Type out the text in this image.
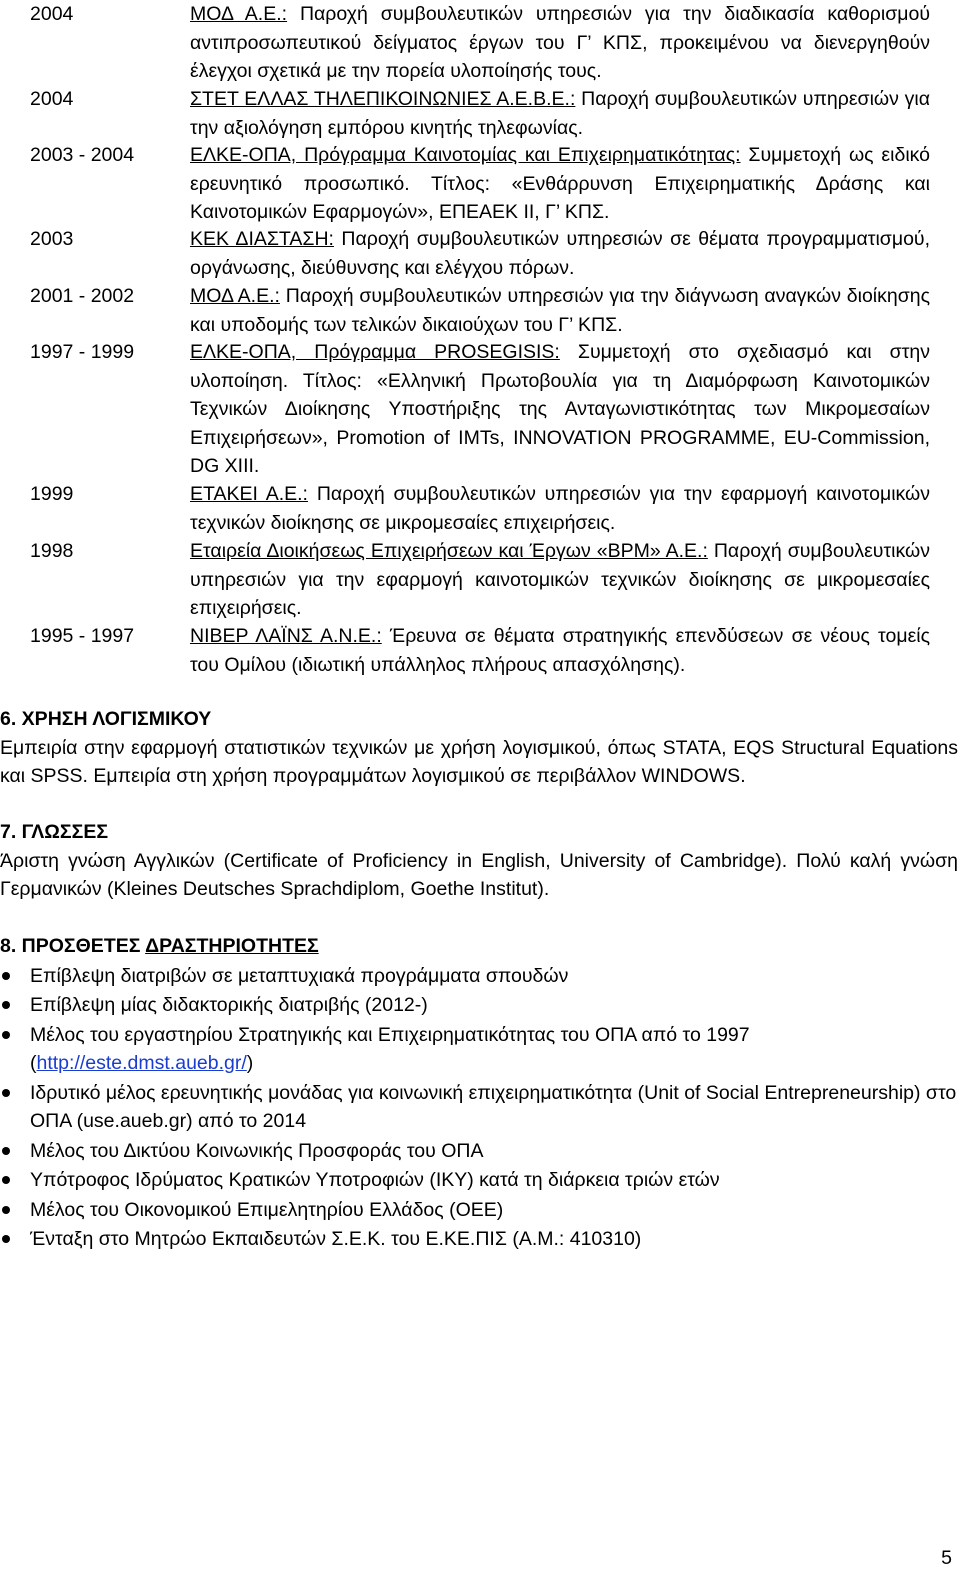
2004	ΜΟΔ Α.Ε.: Παροχή συμβουλευτικών υπηρεσιών για την διαδικασία καθορισμού αντιπροσωπευτικού δείγματος έργων του Γ’ ΚΠΣ, προκειμένου να διενεργηθούν έλεγχοι σχετικά με την πορεία υλοποίησής τους.
2004	ΣΤΕΤ ΕΛΛΑΣ ΤΗΛΕΠΙΚΟΙΝΩΝΙΕΣ Α.Ε.Β.Ε.: Παροχή συμβουλευτικών υπηρεσιών για την αξιολόγηση εμπόρου κινητής τηλεφωνίας.
2003 - 2004	ΕΛΚΕ-ΟΠΑ, Πρόγραμμα Καινοτομίας και Επιχειρηματικότητας: Συμμετοχή ως ειδικό ερευνητικό προσωπικό. Τίτλος: «Ενθάρρυνση Επιχειρηματικής Δράσης και Καινοτομικών Εφαρμογών», ΕΠΕΑΕΚ ΙΙ, Γ’ ΚΠΣ.
2003	ΚΕΚ ΔΙΑΣΤΑΣΗ: Παροχή συμβουλευτικών υπηρεσιών σε θέματα προγραμματισμού, οργάνωσης, διεύθυνσης και ελέγχου πόρων.
2001 - 2002	ΜΟΔ Α.Ε.: Παροχή συμβουλευτικών υπηρεσιών για την διάγνωση αναγκών διοίκησης και υποδομής των τελικών δικαιούχων του Γ’ ΚΠΣ.
1997 - 1999	ΕΛΚΕ-ΟΠΑ, Πρόγραμμα PROSEGISIS: Συμμετοχή στο σχεδιασμό και στην υλοποίηση. Τίτλος: «Ελληνική Πρωτοβουλία για τη Διαμόρφωση Καινοτομικών Τεχνικών Διοίκησης Υποστήριξης της Ανταγωνιστικότητας των Μικρομεσαίων Επιχειρήσεων», Promotion of IMTs, INNOVATION PROGRAMME, EU-Commission, DG XIII.
1999	ΕΤΑΚΕΙ Α.Ε.: Παροχή συμβουλευτικών υπηρεσιών για την εφαρμογή καινοτομικών τεχνικών διοίκησης σε μικρομεσαίες επιχειρήσεις.
1998	Εταιρεία Διοικήσεως Επιχειρήσεων και Έργων «ΒΡΜ» Α.Ε.: Παροχή συμβουλευτικών υπηρεσιών για την εφαρμογή καινοτομικών τεχνικών διοίκησης σε μικρομεσαίες επιχειρήσεις.
1995 - 1997	ΝΙΒΕΡ ΛΑΪΝΣ Α.Ν.Ε.: Έρευνα σε θέματα στρατηγικής επενδύσεων σε νέους τομείς του Ομίλου (ιδιωτική υπάλληλος πλήρους απασχόλησης).

6. ΧΡΗΣΗ ΛΟΓΙΣΜΙΚΟΥ

Εμπειρία στην εφαρμογή στατιστικών τεχνικών με χρήση λογισμικού, όπως STATA, EQS Structural Equations και SPSS. Εμπειρία στη χρήση προγραμμάτων λογισμικού σε περιβάλλον WINDOWS.

7. ΓΛΩΣΣΕΣ

Άριστη γνώση Αγγλικών (Certificate of Proficiency in English, University of Cambridge). Πολύ καλή γνώση Γερμανικών (Kleines Deutsches Sprachdiplom, Goethe Institut).

8. ΠΡΟΣΘΕΤΕΣ ΔΡΑΣΤΗΡΙΟΤΗΤΕΣ

Επίβλεψη διατριβών σε μεταπτυχιακά προγράμματα σπουδών
Επίβλεψη μίας διδακτορικής διατριβής (2012-)
Μέλος του εργαστηρίου Στρατηγικής και Επιχειρηματικότητας του ΟΠΑ από το 1997 (http://este.dmst.aueb.gr/)
Ιδρυτικό μέλος ερευνητικής μονάδας για κοινωνική επιχειρηματικότητα (Unit of Social Entrepreneurship) στο ΟΠΑ (use.aueb.gr) από το 2014
Μέλος του Δικτύου Κοινωνικής Προσφοράς του ΟΠΑ
Υπότροφος Ιδρύματος Κρατικών Υποτροφιών (ΙΚΥ) κατά τη διάρκεια τριών ετών
Μέλος του Οικονομικού Επιμελητηρίου Ελλάδος (ΟΕΕ)
Ένταξη στο Μητρώο Εκπαιδευτών Σ.Ε.Κ. του Ε.ΚΕ.ΠΙΣ (Α.Μ.: 410310)
5
